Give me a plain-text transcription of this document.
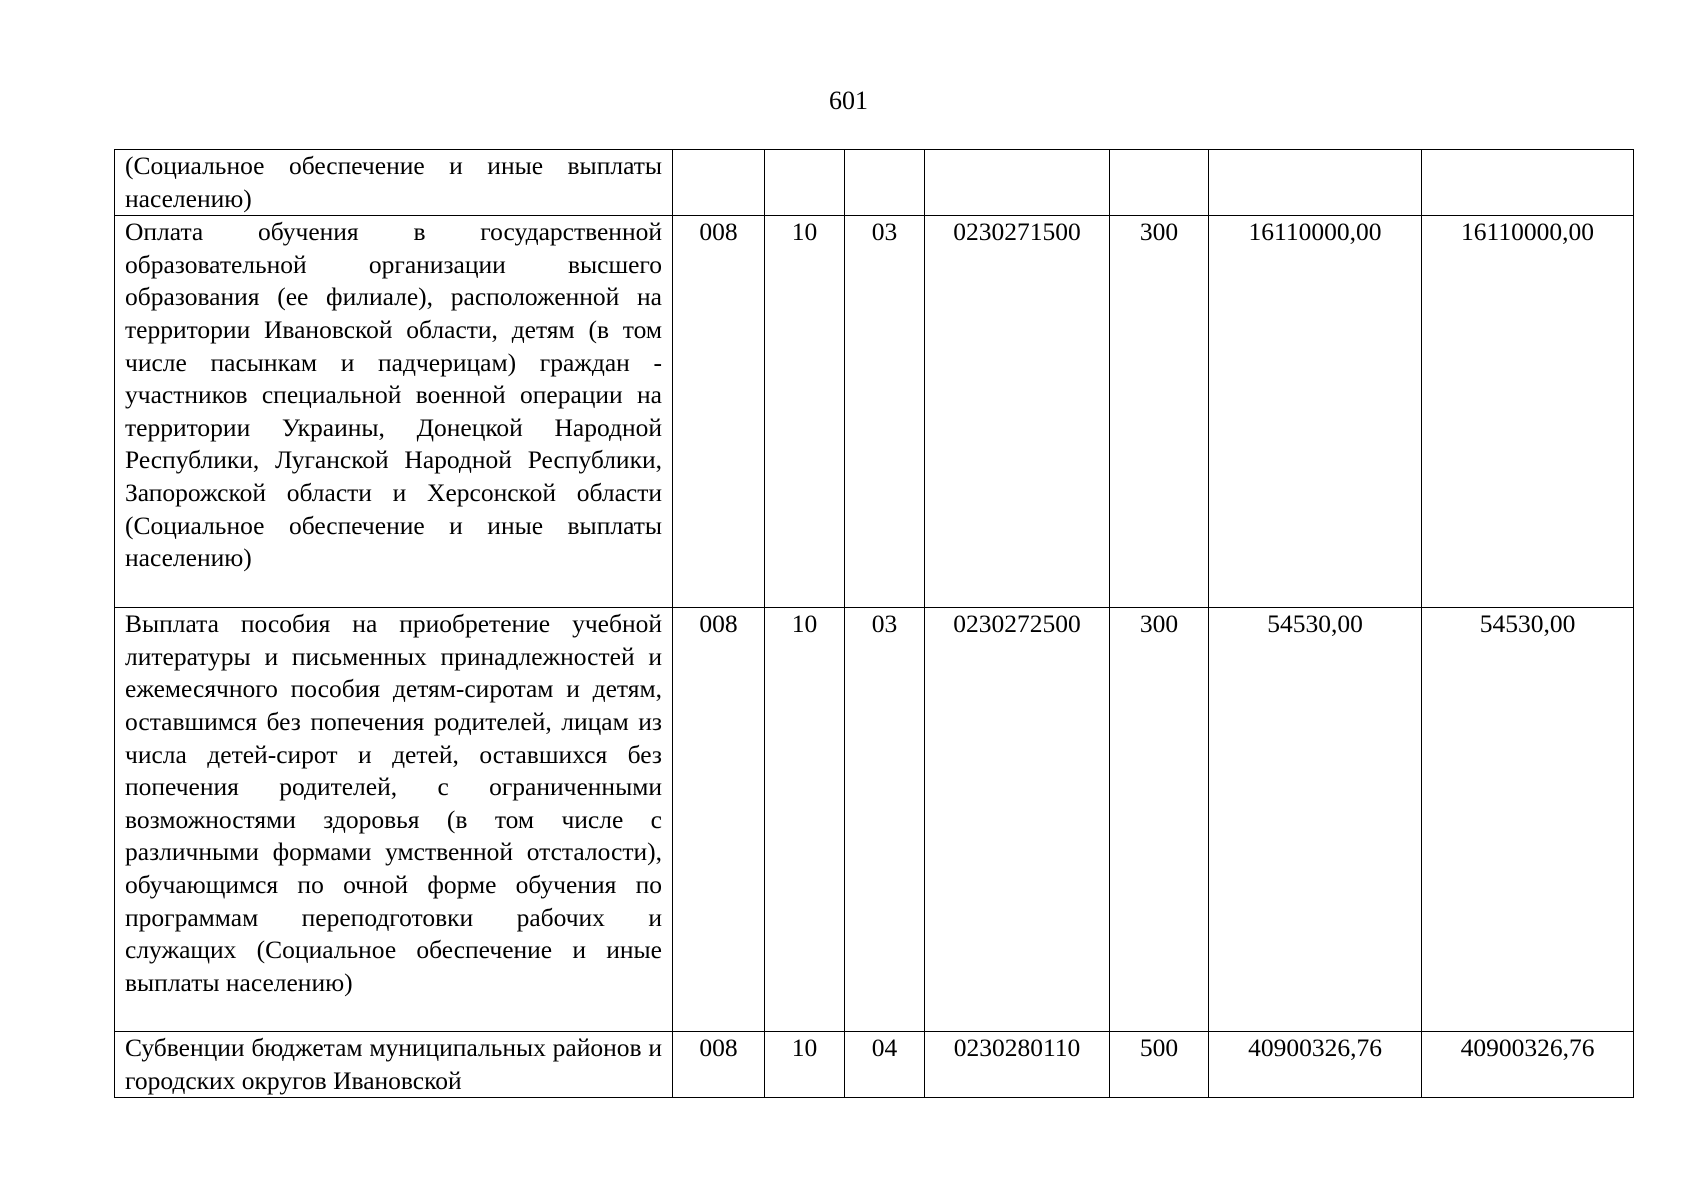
601
(Социальное обеспечение и иные выплаты населению)							
Оплата обучения в государственной образовательной организации высшего образования (ее филиале), расположенной на территории Ивановской области, детям (в том числе пасынкам и падчерицам) граждан - участников специальной военной операции на территории Украины, Донецкой Народной Республики, Луганской Народной Республики, Запорожской области и Херсонской области (Социальное обеспечение и иные выплаты населению)	008	10	03	0230271500	300	16110000,00	16110000,00
Выплата пособия на приобретение учебной литературы и письменных принадлежностей и ежемесячного пособия детям-сиротам и детям, оставшимся без попечения родителей, лицам из числа детей-сирот и детей, оставшихся без попечения родителей, с ограниченными возможностями здоровья (в том числе с различными формами умственной отсталости), обучающимся по очной форме обучения по программам переподготовки рабочих и служащих (Социальное обеспечение и иные выплаты населению)	008	10	03	0230272500	300	54530,00	54530,00
Субвенции бюджетам муниципальных районов и городских округов Ивановской	008	10	04	0230280110	500	40900326,76	40900326,76
